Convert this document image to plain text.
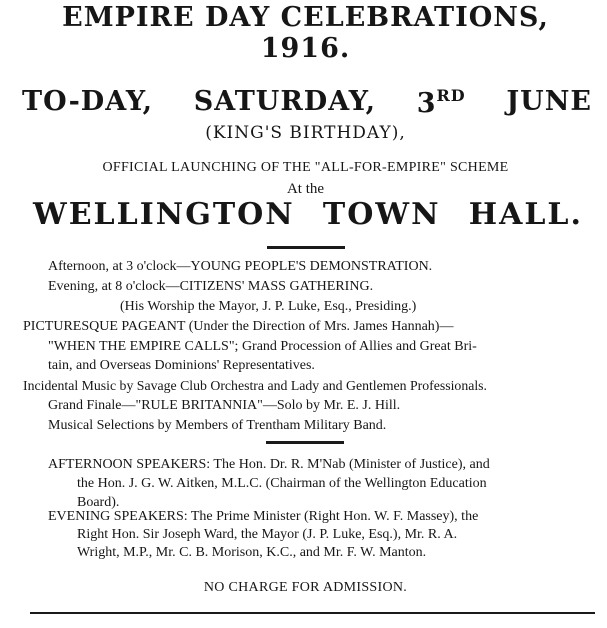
EMPIRE DAY CELEBRATIONS,
1916.
TO-DAY, SATURDAY, 3RD JUNE
(KING'S BIRTHDAY),
OFFICIAL LAUNCHING OF THE "ALL-FOR-EMPIRE" SCHEME
At the
WELLINGTON TOWN HALL.
Afternoon, at 3 o'clock—YOUNG PEOPLE'S DEMONSTRATION.
Evening, at 8 o'clock—CITIZENS' MASS GATHERING.
(His Worship the Mayor, J. P. Luke, Esq., Presiding.)
PICTURESQUE PAGEANT (Under the Direction of Mrs. James Hannah)—
"WHEN THE EMPIRE CALLS"; Grand Procession of Allies and Great Bri-
tain, and Overseas Dominions' Representatives.
Incidental Music by Savage Club Orchestra and Lady and Gentlemen Professionals.
Grand Finale—"RULE BRITANNIA"—Solo by Mr. E. J. Hill.
Musical Selections by Members of Trentham Military Band.
AFTERNOON SPEAKERS: The Hon. Dr. R. M'Nab (Minister of Justice), and
the Hon. J. G. W. Aitken, M.L.C. (Chairman of the Wellington Education
Board).
EVENING SPEAKERS: The Prime Minister (Right Hon. W. F. Massey), the
Right Hon. Sir Joseph Ward, the Mayor (J. P. Luke, Esq.), Mr. R. A.
Wright, M.P., Mr. C. B. Morison, K.C., and Mr. F. W. Manton.
NO CHARGE FOR ADMISSION.
